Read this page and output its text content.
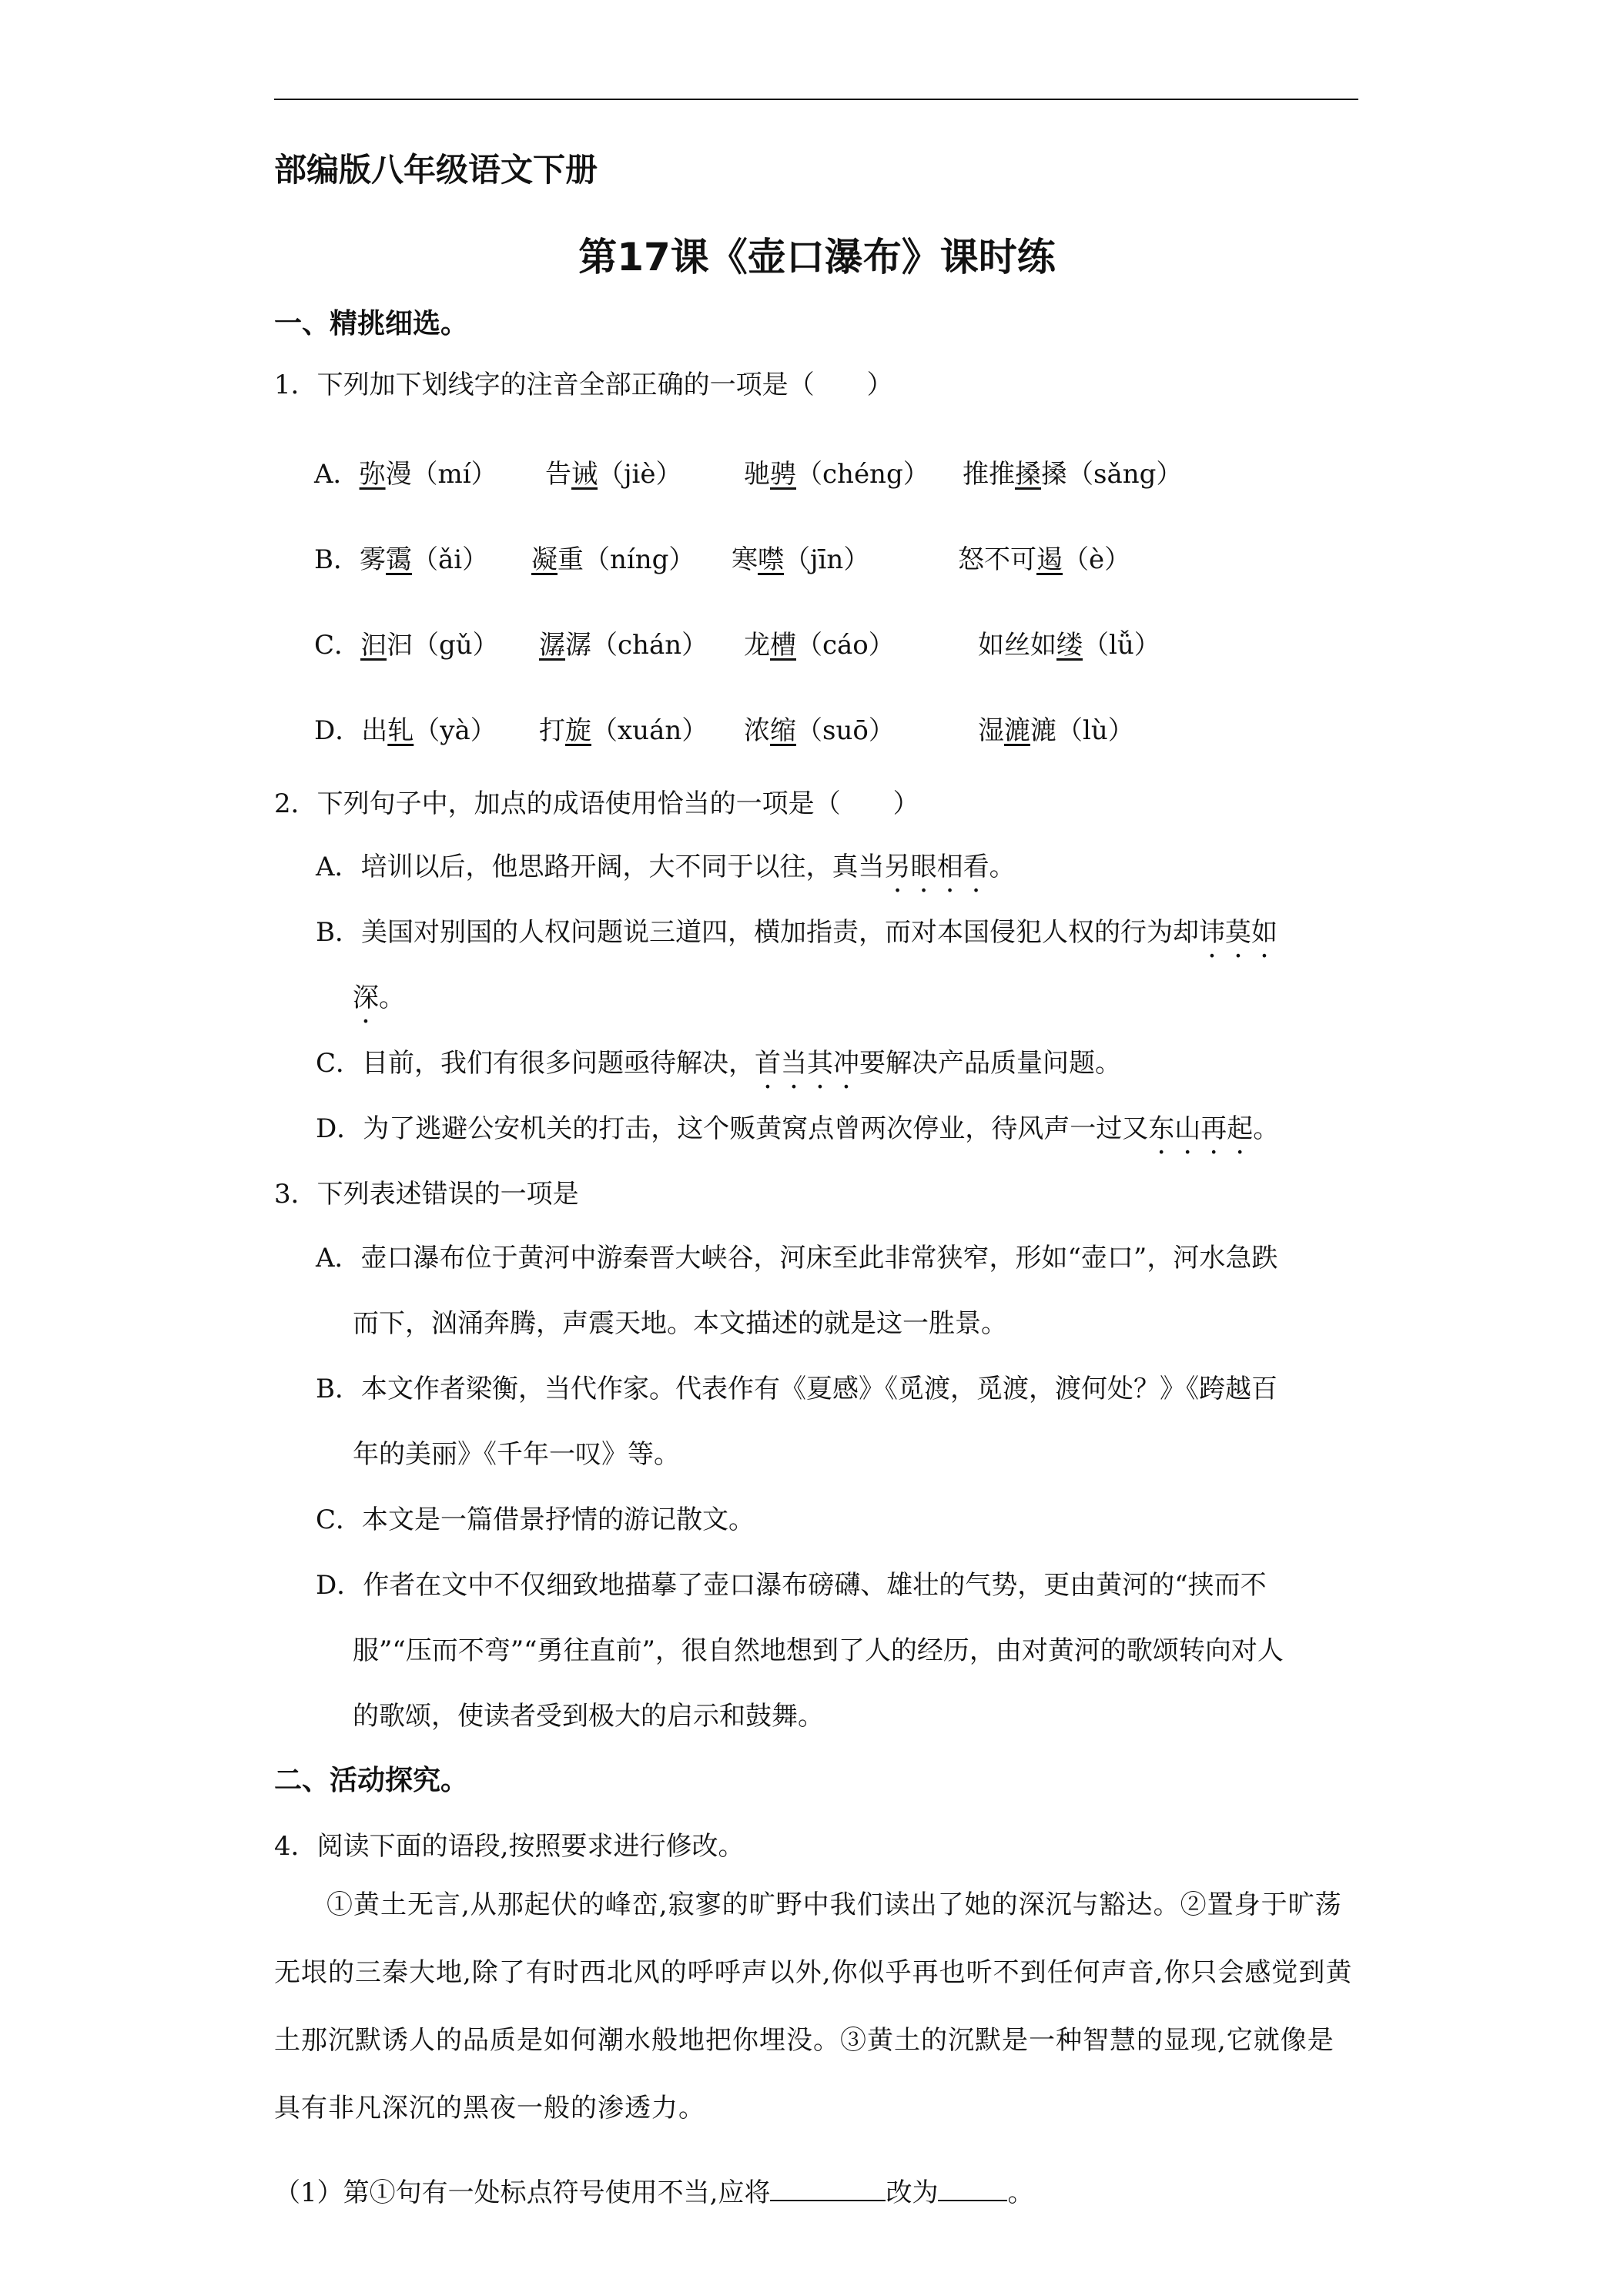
部编版八年级语文下册
第17课《壶口瀑布》课时练
一、精挑细选。
1．下列加下划线字的注音全部正确的一项是（　　）
A．弥漫（mí） 告诫（jiè） 驰骋（chéng） 推推搡搡（sǎng）
B．雾霭（ǎi） 凝重（níng） 寒噤（jīn）	怒不可遏（è）
C．汩汩（gǔ） 潺潺（chán） 龙槽（cáo）	如丝如缕（lǚ）
D．出轧（yà） 打旋（xuán） 浓缩（suō）	湿漉漉（lù）
2．下列句子中，加点的成语使用恰当的一项是（　　）
A．培训以后，他思路开阔，大不同于以往，真当另眼相看。
B．美国对别国的人权问题说三道四，横加指责，而对本国侵犯人权的行为却讳莫如
深。
C．目前，我们有很多问题亟待解决，首当其冲要解决产品质量问题。
D．为了逃避公安机关的打击，这个贩黄窝点曾两次停业，待风声一过又东山再起。
3．下列表述错误的一项是
A．壶口瀑布位于黄河中游秦晋大峡谷，河床至此非常狭窄，形如“壶口”，河水急跌
而下，汹涌奔腾，声震天地。本文描述的就是这一胜景。
B．本文作者梁衡，当代作家。代表作有《夏感》《觅渡，觅渡，渡何处？》《跨越百
年的美丽》《千年一叹》等。
C．本文是一篇借景抒情的游记散文。
D．作者在文中不仅细致地描摹了壶口瀑布磅礴、雄壮的气势，更由黄河的“挟而不
服”“压而不弯”“勇往直前”，很自然地想到了人的经历，由对黄河的歌颂转向对人
的歌颂，使读者受到极大的启示和鼓舞。
二、活动探究。
4．阅读下面的语段,按照要求进行修改。
①黄土无言,从那起伏的峰峦,寂寥的旷野中我们读出了她的深沉与豁达。②置身于旷荡无垠的三秦大地,除了有时西北风的呼呼声以外,你似乎再也听不到任何声音,你只会感觉到黄土那沉默诱人的品质是如何潮水般地把你埋没。③黄土的沉默是一种智慧的显现,它就像是具有非凡深沉的黑夜一般的渗透力。
（1）第①句有一处标点符号使用不当,应将	改为	。
